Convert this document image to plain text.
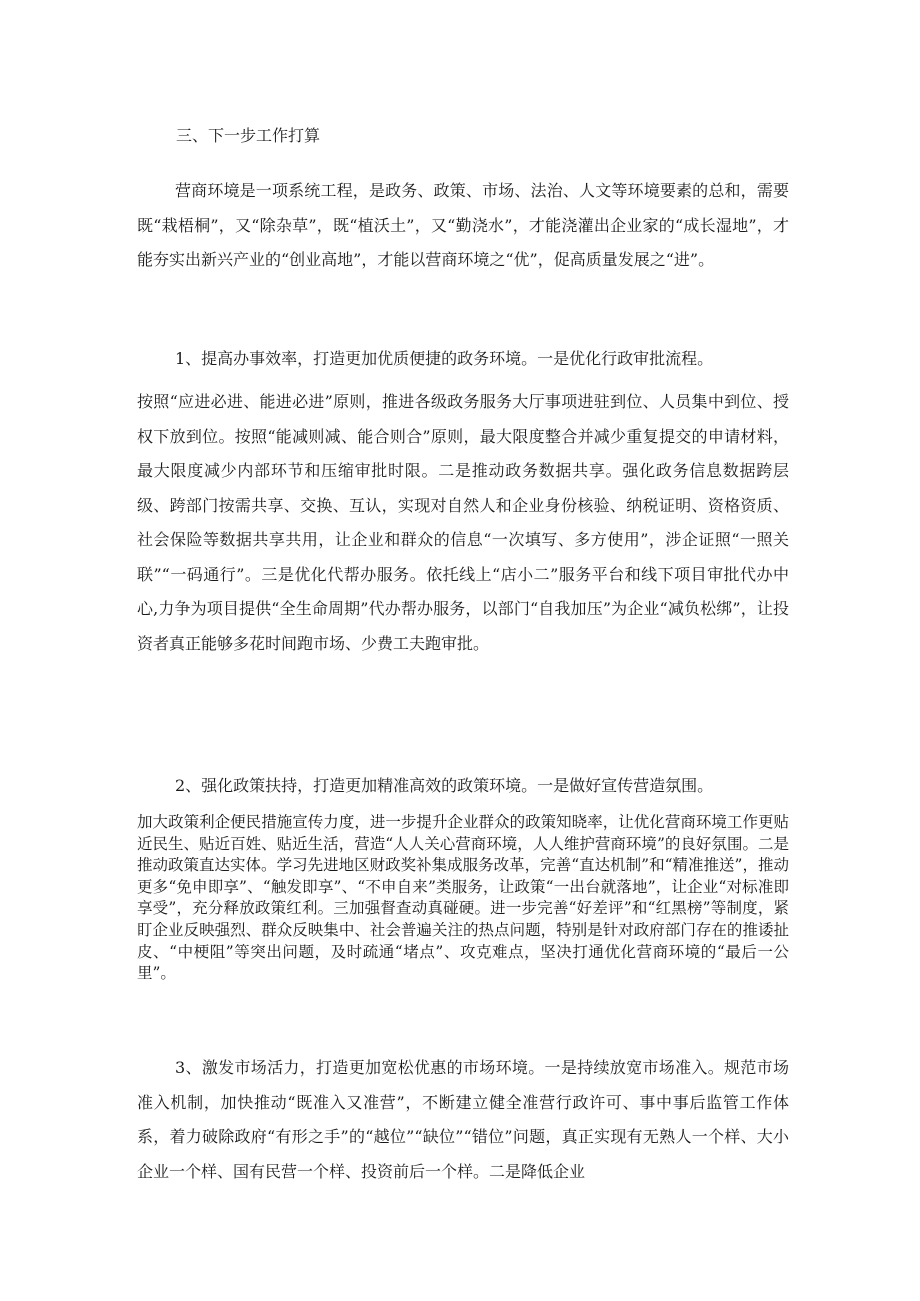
三、下一步工作打算

营商环境是一项系统工程，是政务、政策、市场、法治、人文等环境要素的总和，需要既“栽梧桐”，又“除杂草”，既“植沃土”，又“勤浇水”，才能浇灌出企业家的“成长湿地”，才能夯实出新兴产业的“创业高地”，才能以营商环境之“优”，促高质量发展之“进”。

1、提高办事效率，打造更加优质便捷的政务环境。一是优化行政审批流程。

按照“应进必进、能进必进”原则，推进各级政务服务大厅事项进驻到位、人员集中到位、授权下放到位。按照“能减则减、能合则合”原则，最大限度整合并减少重复提交的申请材料，最大限度减少内部环节和压缩审批时限。二是推动政务数据共享。强化政务信息数据跨层级、跨部门按需共享、交换、互认，实现对自然人和企业身份核验、纳税证明、资格资质、社会保险等数据共享共用，让企业和群众的信息“一次填写、多方使用”，涉企证照“一照关联”“一码通行”。三是优化代帮办服务。依托线上“店小二”服务平台和线下项目审批代办中心,力争为项目提供“全生命周期”代办帮办服务，以部门“自我加压”为企业“减负松绑”，让投资者真正能够多花时间跑市场、少费工夫跑审批。

2、强化政策扶持，打造更加精准高效的政策环境。一是做好宣传营造氛围。

加大政策利企便民措施宣传力度，进一步提升企业群众的政策知晓率，让优化营商环境工作更贴近民生、贴近百姓、贴近生活，营造“人人关心营商环境，人人维护营商环境”的良好氛围。二是推动政策直达实体。学习先进地区财政奖补集成服务改革，完善“直达机制”和“精准推送”，推动更多“免申即享”、“触发即享”、“不申自来”类服务，让政策“一出台就落地”，让企业“对标准即享受”，充分释放政策红利。三加强督查动真碰硬。进一步完善“好差评”和“红黑榜”等制度，紧盯企业反映强烈、群众反映集中、社会普遍关注的热点问题，特别是针对政府部门存在的推诿扯皮、“中梗阻”等突出问题，及时疏通“堵点”、攻克难点，坚决打通优化营商环境的“最后一公里”。

3、激发市场活力，打造更加宽松优惠的市场环境。一是持续放宽市场准入。规范市场准入机制，加快推动“既准入又准营”，不断建立健全准营行政许可、事中事后监管工作体系，着力破除政府“有形之手”的“越位”“缺位”“错位”问题，真正实现有无熟人一个样、大小企业一个样、国有民营一个样、投资前后一个样。二是降低企业
